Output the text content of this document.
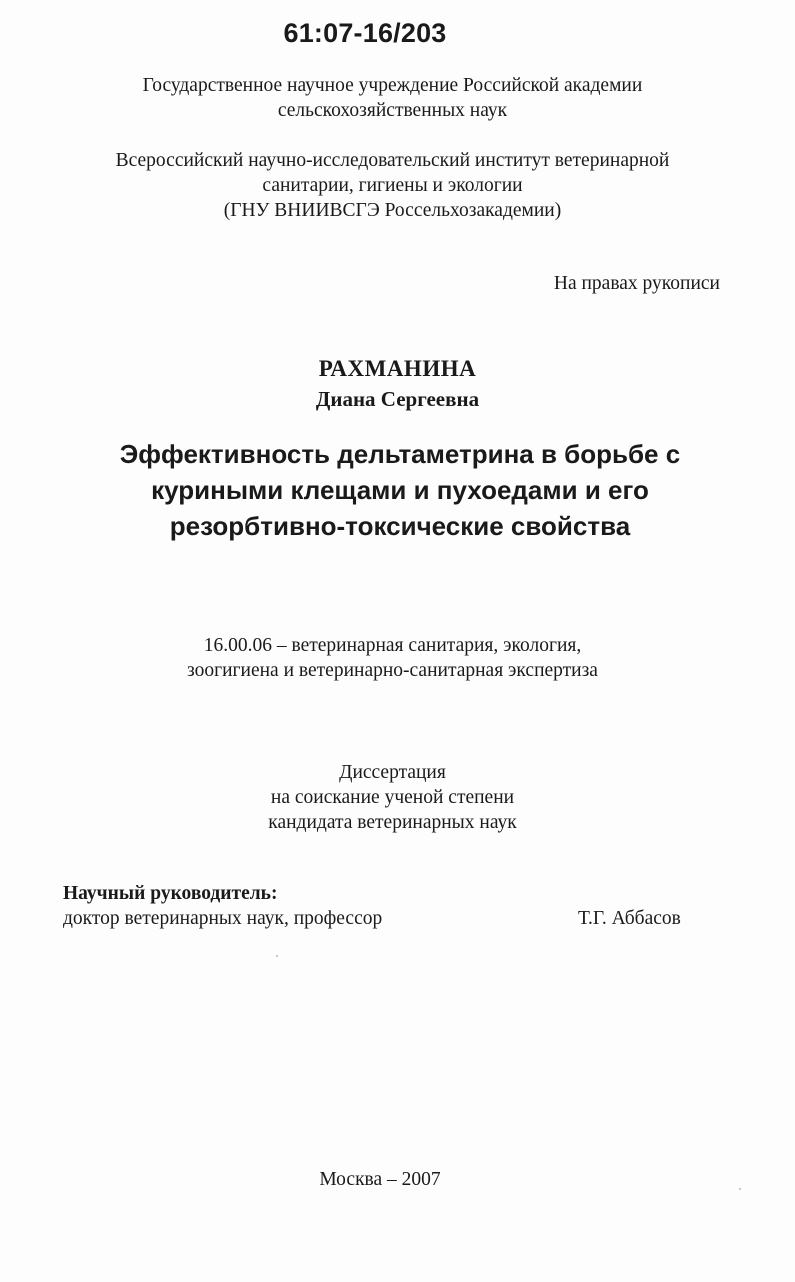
61:07-16/203
Государственное научное учреждение Российской академии
сельскохозяйственных наук
Всероссийский научно-исследовательский институт ветеринарной
санитарии, гигиены и экологии
(ГНУ ВНИИВСГЭ Россельхозакадемии)
На правах рукописи
РАХМАНИНА
Диана Сергеевна
Эффективность дельтаметрина в борьбе с
куриными клещами и пухоедами и его
резорбтивно-токсические свойства
16.00.06 – ветеринарная санитария, экология,
зоогигиена и ветеринарно-санитарная экспертиза
Диссертация
на соискание ученой степени
кандидата ветеринарных наук
Научный руководитель:
доктор ветеринарных наук, профессор	Т.Г. Аббасов
Москва – 2007
